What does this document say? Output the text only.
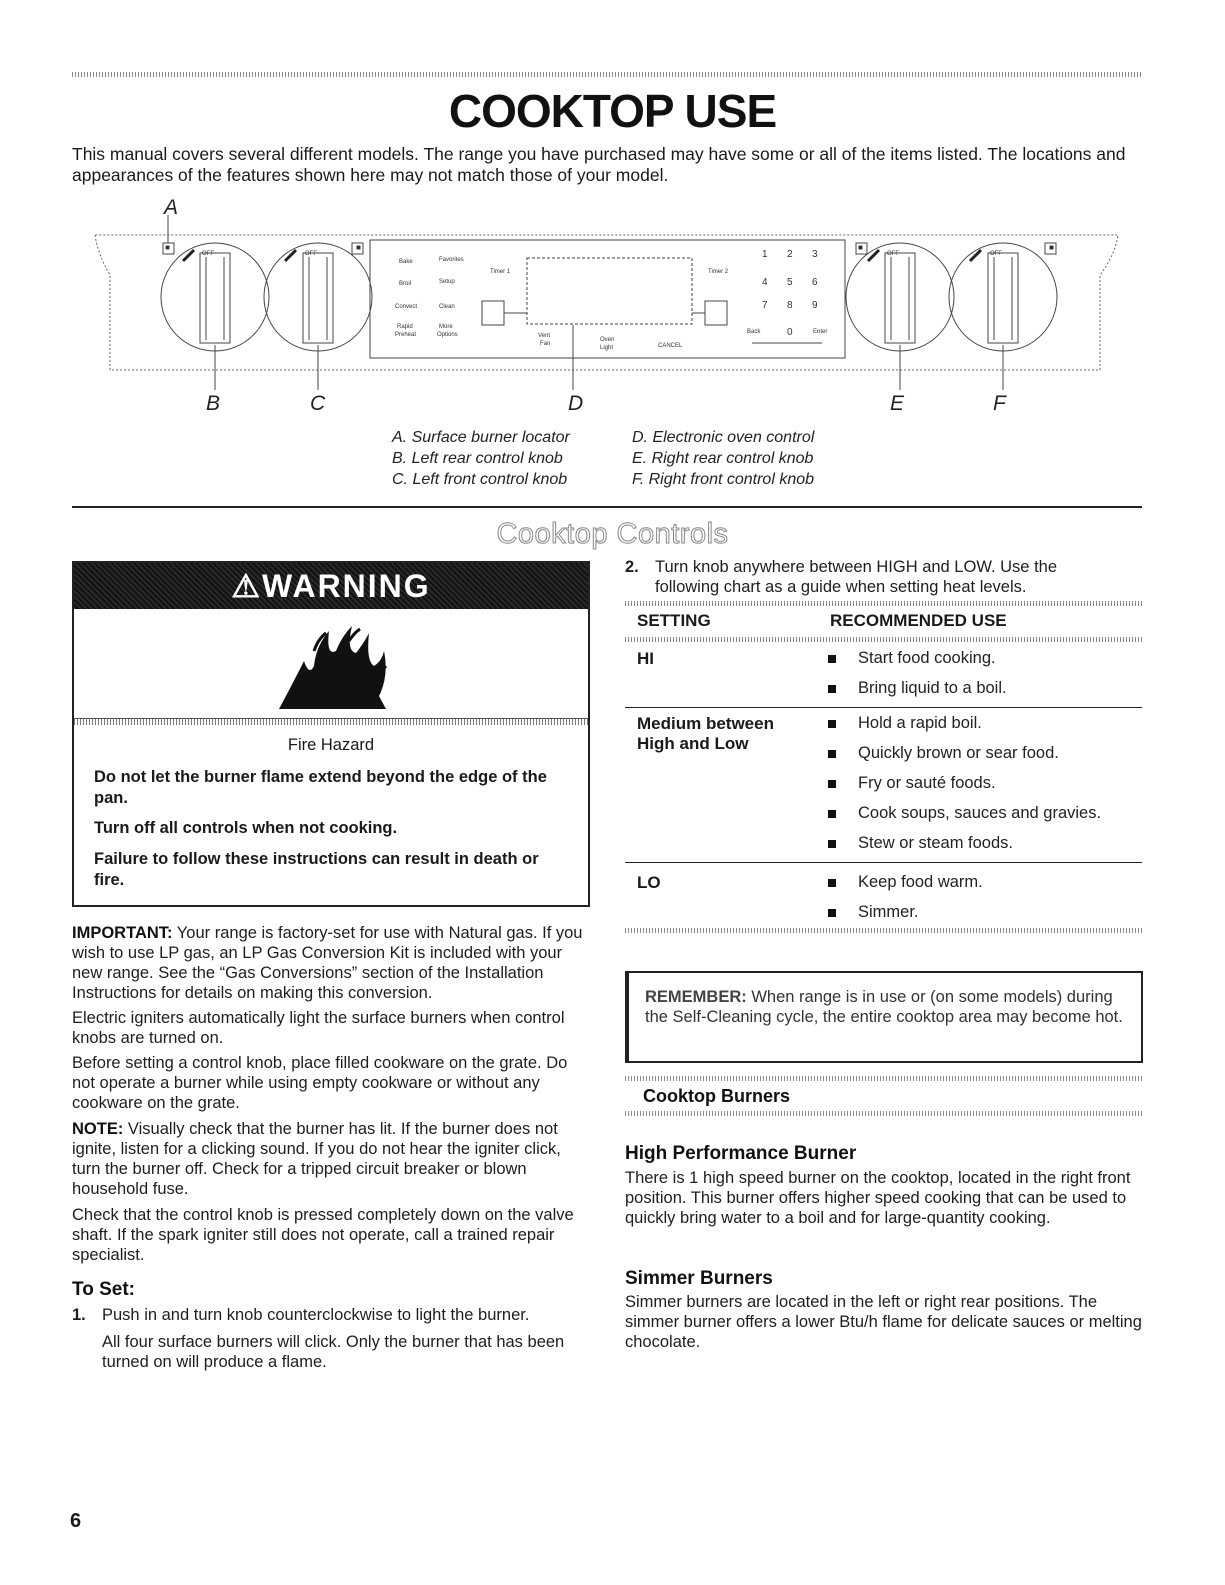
COOKTOP USE
This manual covers several different models. The range you have purchased may have some or all of the items listed. The locations and appearances of the features shown here may not match those of your model.
OFF	OFF	OFF	OFF
Bake	Favorites
Broil	Setup
Convect	Clean
Rapid	More
Preheat	Options
Timer 1	Timer 2
Vent
Fan
Oven
Light	CANCEL
Back	Enter
1 2 3
4 5 6
7 8 9
0
A
B	C	D	E	F
A. Surface burner locator
B. Left rear control knob
C. Left front control knob
D. Electronic oven control
E. Right rear control knob
F. Right front control knob
Cooktop Controls
⚠WARNING
Fire Hazard
Do not let the burner flame extend beyond the edge of the pan.
Turn off all controls when not cooking.
Failure to follow these instructions can result in death or fire.
IMPORTANT: Your range is factory-set for use with Natural gas. If you wish to use LP gas, an LP Gas Conversion Kit is included with your new range. See the “Gas Conversions” section of the Installation Instructions for details on making this conversion.
Electric igniters automatically light the surface burners when control knobs are turned on.
Before setting a control knob, place filled cookware on the grate. Do not operate a burner while using empty cookware or without any cookware on the grate.
NOTE: Visually check that the burner has lit. If the burner does not ignite, listen for a clicking sound. If you do not hear the igniter click, turn the burner off. Check for a tripped circuit breaker or blown household fuse.
Check that the control knob is pressed completely down on the valve shaft. If the spark igniter still does not operate, call a trained repair specialist.
To Set:
1. Push in and turn knob counterclockwise to light the burner.
All four surface burners will click. Only the burner that has been turned on will produce a flame.
2. Turn knob anywhere between HIGH and LOW. Use the following chart as a guide when setting heat levels.
SETTING	RECOMMENDED USE
HI	Start food cooking.
Bring liquid to a boil.
Medium between High and Low
Hold a rapid boil.
Quickly brown or sear food.
Fry or sauté foods.
Cook soups, sauces and gravies.
Stew or steam foods.
LO	Keep food warm.
Simmer.
REMEMBER: When range is in use or (on some models) during the Self-Cleaning cycle, the entire cooktop area may become hot.
Cooktop Burners
High Performance Burner
There is 1 high speed burner on the cooktop, located in the right front position. This burner offers higher speed cooking that can be used to quickly bring water to a boil and for large-quantity cooking.
Simmer Burners
Simmer burners are located in the left or right rear positions. The simmer burner offers a lower Btu/h flame for delicate sauces or melting chocolate.
6
